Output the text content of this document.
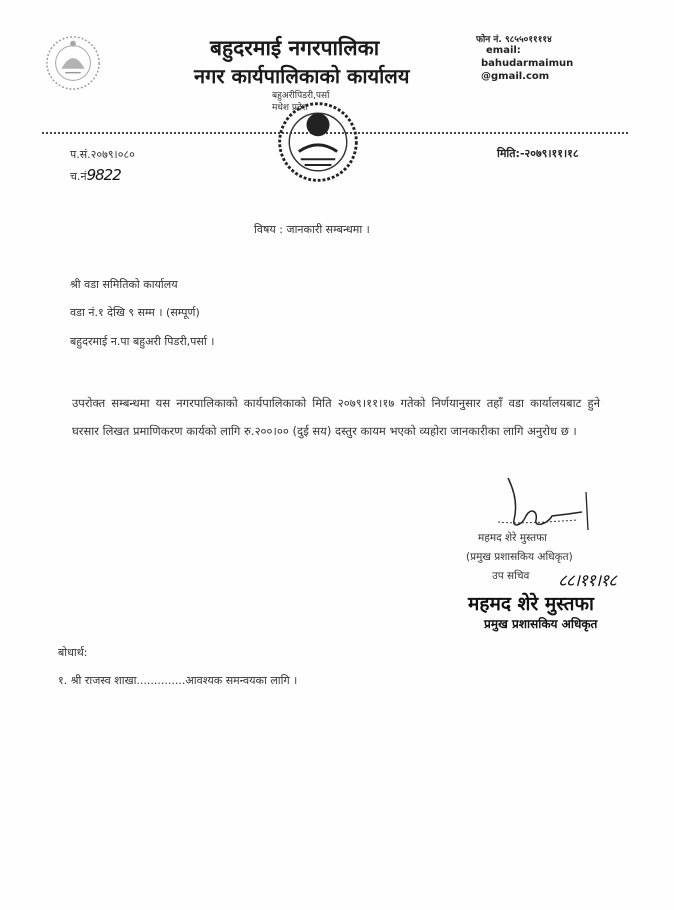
बहुदरमाई नगरपालिका
नगर कार्यपालिकाको कार्यालय
बहुअरीपिडरी,पर्सा
मधेश प्रदेश
फोन नं. ९८५५०११११४
email:
bahudarmaimun
@gmail.com
प.सं.२०७९।०८०
च.नं9822
मिति:-२०७९।११।१८
विषय : जानकारी सम्बन्धमा ।
श्री वडा समितिको कार्यालय
वडा नं.१ देखि ९ सम्म । (सम्पूर्ण)
बहुदरमाई न.पा बहुअरी पिडरी,पर्सा ।
उपरोक्त सम्बन्धमा यस नगरपालिकाको कार्यपालिकाको मिति २०७९।११।१७ गतेको निर्णयानुसार तहाँ वडा कार्यालयबाट हुने घरसार लिखत प्रमाणिकरण कार्यको लागि रु.२००।०० (दुई सय) दस्तुर कायम भएको व्यहोरा जानकारीका लागि अनुरोध छ ।
महमद शेरे मुस्तफा
(प्रमुख प्रशासकिय अधिकृत)
उप सचिव ८८।११।१८
महमद शेरे मुस्तफा
प्रमुख प्रशासकिय अधिकृत
बोधार्थ:
१. श्री राजस्व शाखा..............आवश्यक समन्वयका लागि ।
